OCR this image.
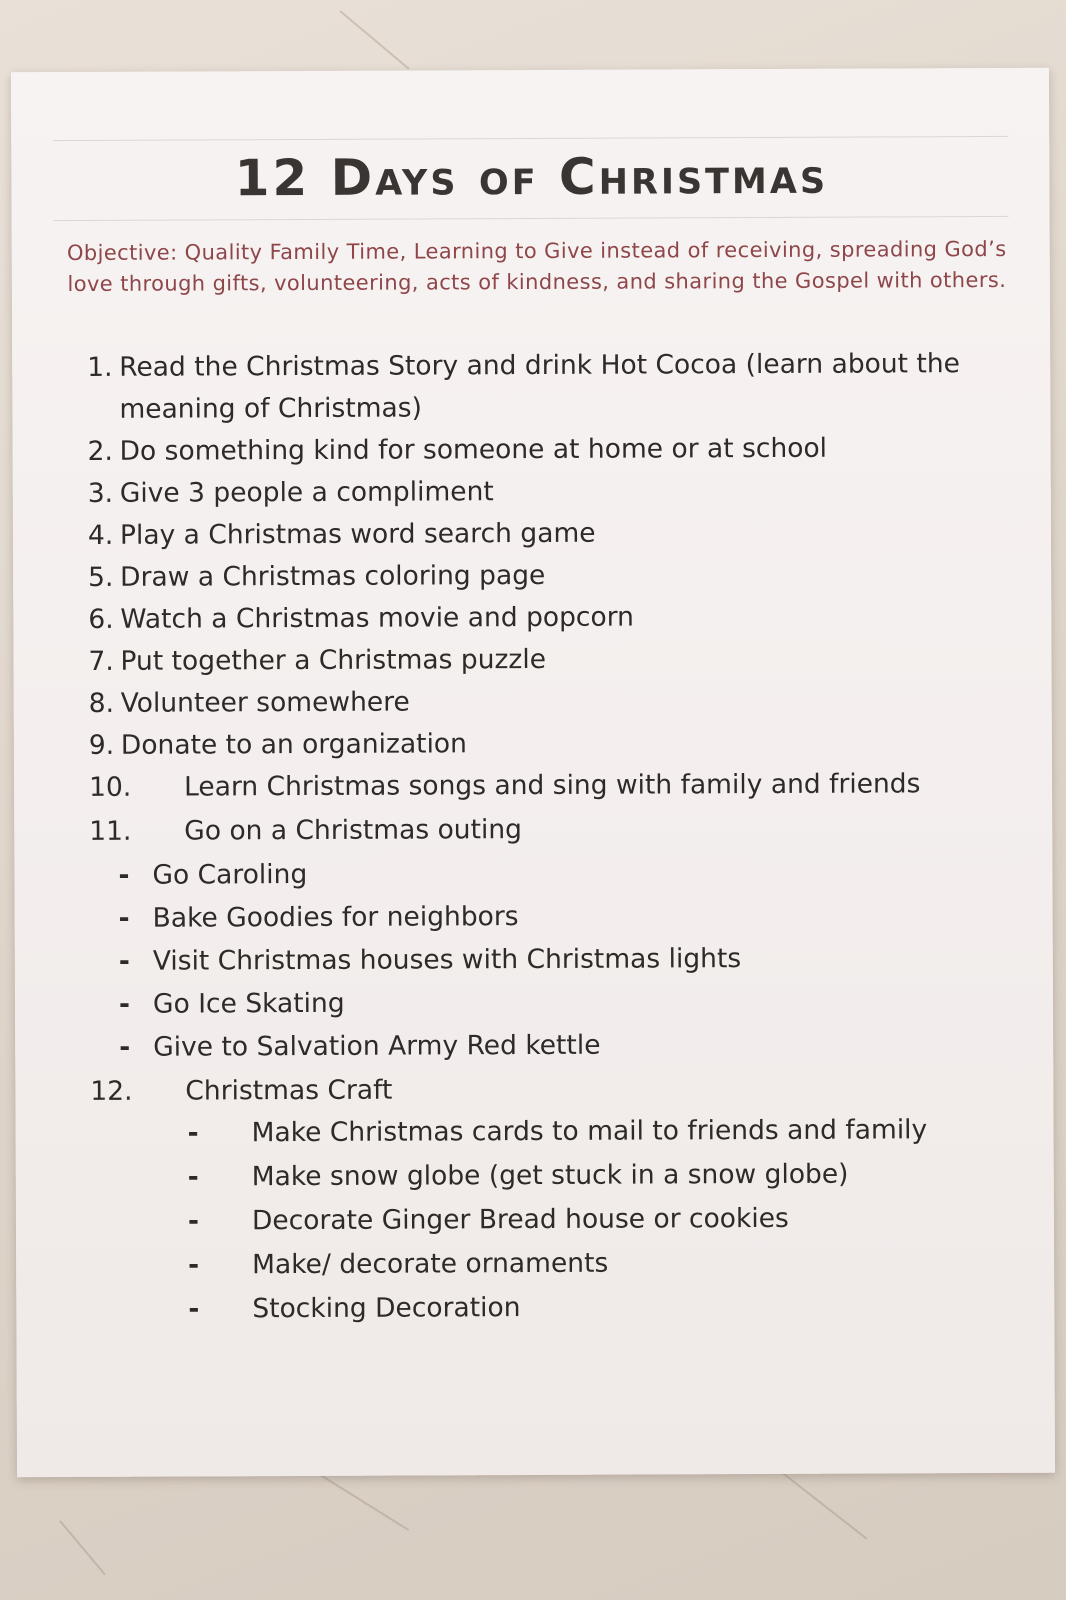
12 Days of Christmas
Objective: Quality Family Time, Learning to Give instead of receiving, spreading God’s love through gifts, volunteering, acts of kindness, and sharing the Gospel with others.
1. Read the Christmas Story and drink Hot Cocoa (learn about the
meaning of Christmas)
2. Do something kind for someone at home or at school
3. Give 3 people a compliment
4. Play a Christmas word search game
5. Draw a Christmas coloring page
6. Watch a Christmas movie and popcorn
7. Put together a Christmas puzzle
8. Volunteer somewhere
9. Donate to an organization
10. Learn Christmas songs and sing with family and friends
11. Go on a Christmas outing
- Go Caroling
- Bake Goodies for neighbors
- Visit Christmas houses with Christmas lights
- Go Ice Skating
- Give to Salvation Army Red kettle
12. Christmas Craft
- Make Christmas cards to mail to friends and family
- Make snow globe (get stuck in a snow globe)
- Decorate Ginger Bread house or cookies
- Make/ decorate ornaments
- Stocking Decoration
